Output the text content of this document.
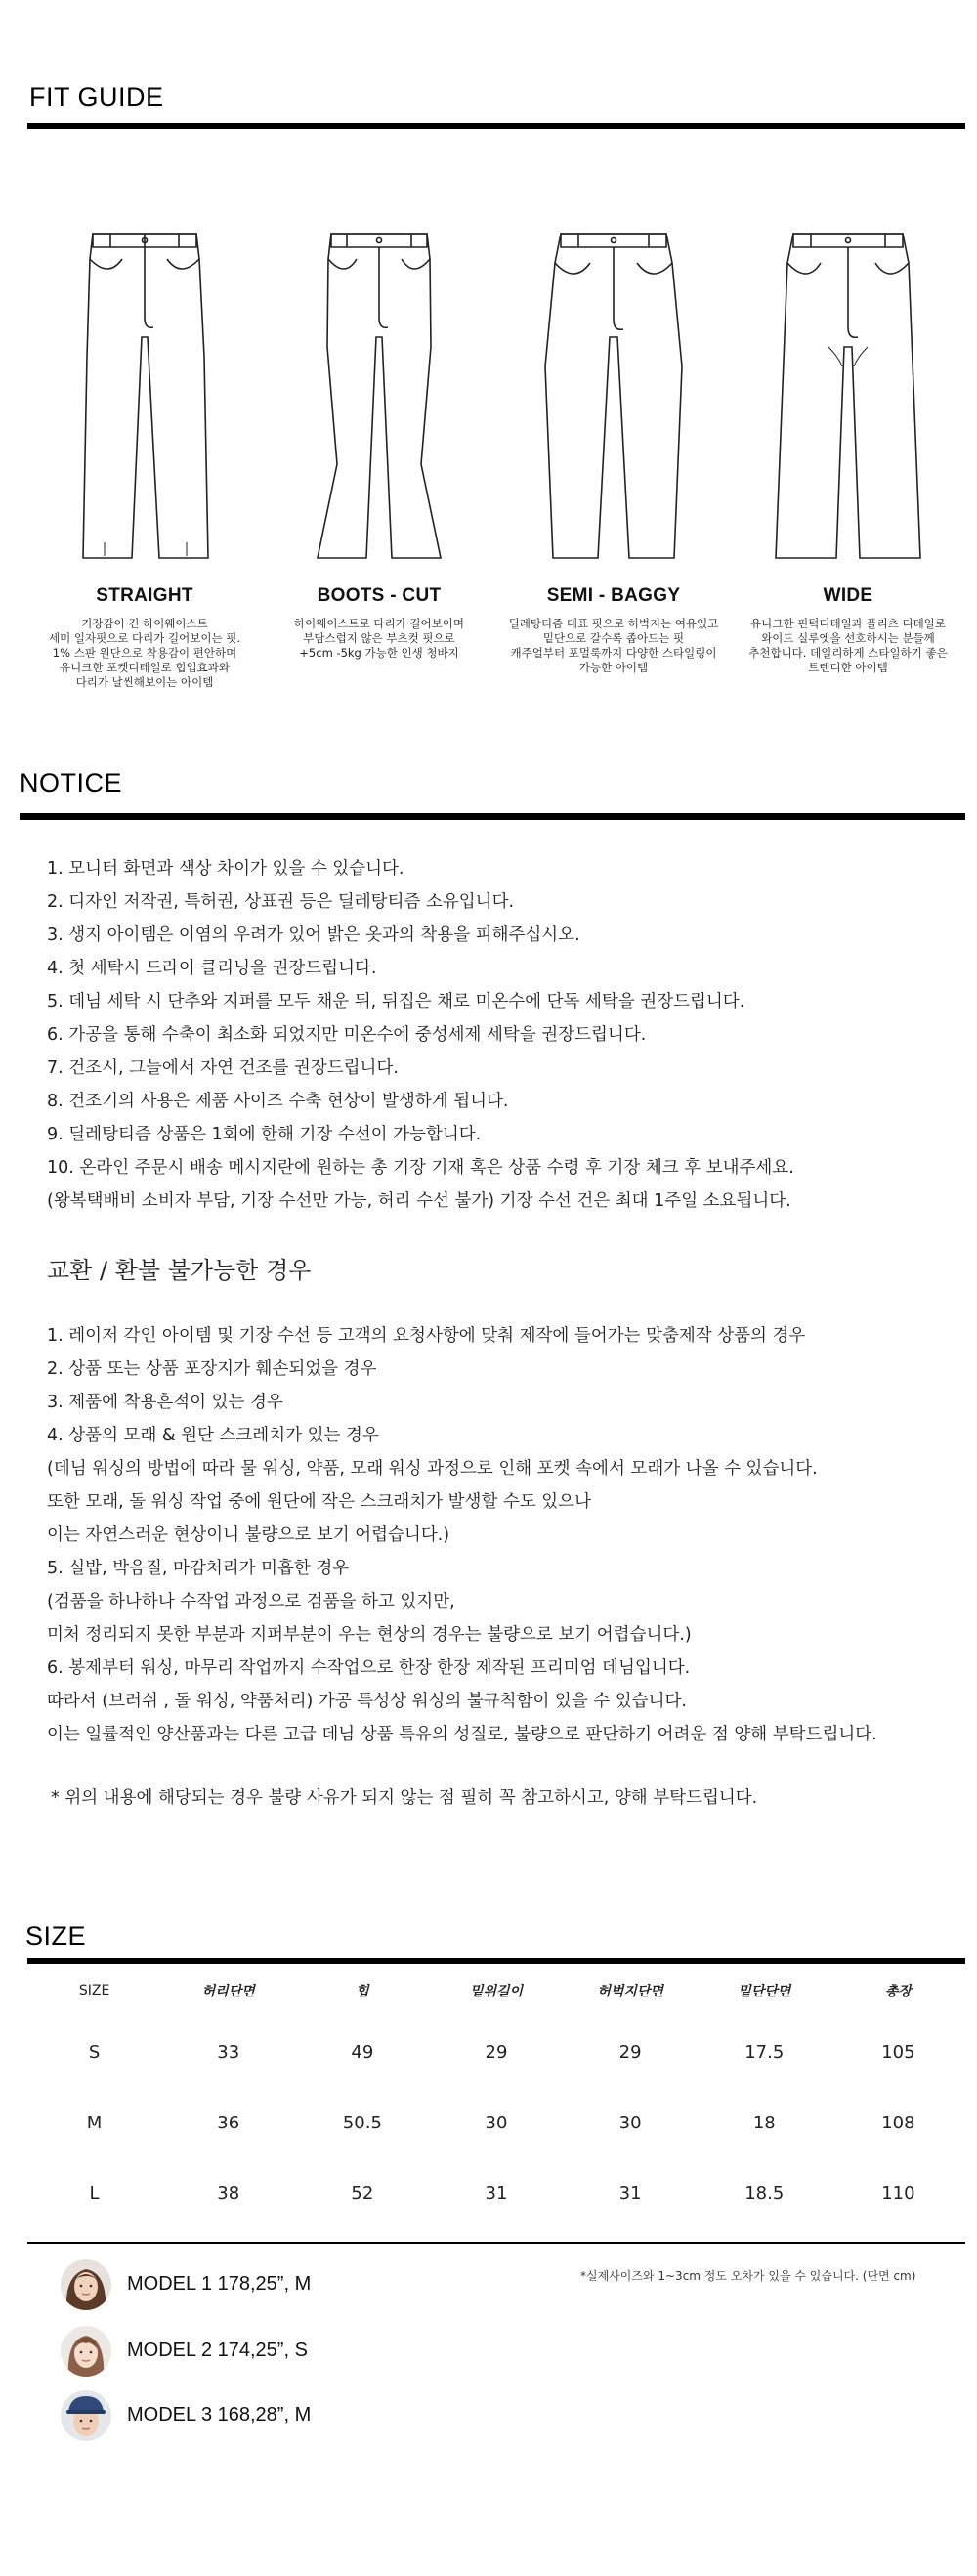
FIT GUIDE
STRAIGHT
기장감이 긴 하이웨이스트
세미 일자핏으로 다리가 길어보이는 핏.
1% 스판 원단으로 착용감이 편안하며
유니크한 포켓디테일로 힙업효과와
다리가 날씬해보이는 아이템
BOOTS - CUT
하이웨이스트로 다리가 길어보이며
부담스럽지 않은 부츠컷 핏으로
+5cm -5kg 가능한 인생 청바지
SEMI - BAGGY
딜레탕티즘 대표 핏으로 허벅지는 여유있고
밑단으로 갈수록 좁아드는 핏
캐주얼부터 포멀룩까지 다양한 스타일링이
가능한 아이템
WIDE
유니크한 핀턱디테일과 플리츠 디테일로
와이드 실루엣을 선호하시는 분들께
추천합니다. 데일리하게 스타일하기 좋은
트렌디한 아이템
NOTICE
1. 모니터 화면과 색상 차이가 있을 수 있습니다.
2. 디자인 저작권, 특허권, 상표권 등은 딜레탕티즘 소유입니다.
3. 생지 아이템은 이염의 우려가 있어 밝은 옷과의 착용을 피해주십시오.
4. 첫 세탁시 드라이 클리닝을 권장드립니다.
5. 데님 세탁 시 단추와 지퍼를 모두 채운 뒤, 뒤집은 채로 미온수에 단독 세탁을 권장드립니다.
6. 가공을 통해 수축이 최소화 되었지만 미온수에 중성세제 세탁을 권장드립니다.
7. 건조시, 그늘에서 자연 건조를 권장드립니다.
8. 건조기의 사용은 제품 사이즈 수축 현상이 발생하게 됩니다.
9. 딜레탕티즘 상품은 1회에 한해 기장 수선이 가능합니다.
10. 온라인 주문시 배송 메시지란에 원하는 총 기장 기재 혹은 상품 수령 후 기장 체크 후 보내주세요.
(왕복택배비 소비자 부담, 기장 수선만 가능, 허리 수선 불가) 기장 수선 건은 최대 1주일 소요됩니다.
교환 / 환불 불가능한 경우
1. 레이저 각인 아이템 및 기장 수선 등 고객의 요청사항에 맞춰 제작에 들어가는 맞춤제작 상품의 경우
2. 상품 또는 상품 포장지가 훼손되었을 경우
3. 제품에 착용흔적이 있는 경우
4. 상품의 모래 & 원단 스크레치가 있는 경우
(데님 워싱의 방법에 따라 물 워싱, 약품, 모래 워싱 과정으로 인해 포켓 속에서 모래가 나올 수 있습니다.
또한 모래, 돌 워싱 작업 중에 원단에 작은 스크래치가 발생할 수도 있으나
이는 자연스러운 현상이니 불량으로 보기 어렵습니다.)
5. 실밥, 박음질, 마감처리가 미흡한 경우
(검품을 하나하나 수작업 과정으로 검품을 하고 있지만,
미처 정리되지 못한 부분과 지퍼부분이 우는 현상의 경우는 불량으로 보기 어렵습니다.)
6. 봉제부터 워싱, 마무리 작업까지 수작업으로 한장 한장 제작된 프리미엄 데님입니다.
따라서 (브러쉬 , 돌 워싱, 약품처리) 가공 특성상 워싱의 불규칙함이 있을 수 있습니다.
이는 일률적인 양산품과는 다른 고급 데님 상품 특유의 성질로, 불량으로 판단하기 어려운 점 양해 부탁드립니다.
* 위의 내용에 해당되는 경우 불량 사유가 되지 않는 점 필히 꼭 참고하시고, 양해 부탁드립니다.
SIZE
SIZE	허리단면	힙	밑위길이	허벅지단면	밑단단면	총장
S	33	49	29	29	17.5	105
M	36	50.5	30	30	18	108
L	38	52	31	31	18.5	110
*실제사이즈와 1~3cm 정도 오차가 있을 수 있습니다. (단면 cm)
MODEL 1 178,25”, M
MODEL 2 174,25”, S
MODEL 3 168,28”, M
